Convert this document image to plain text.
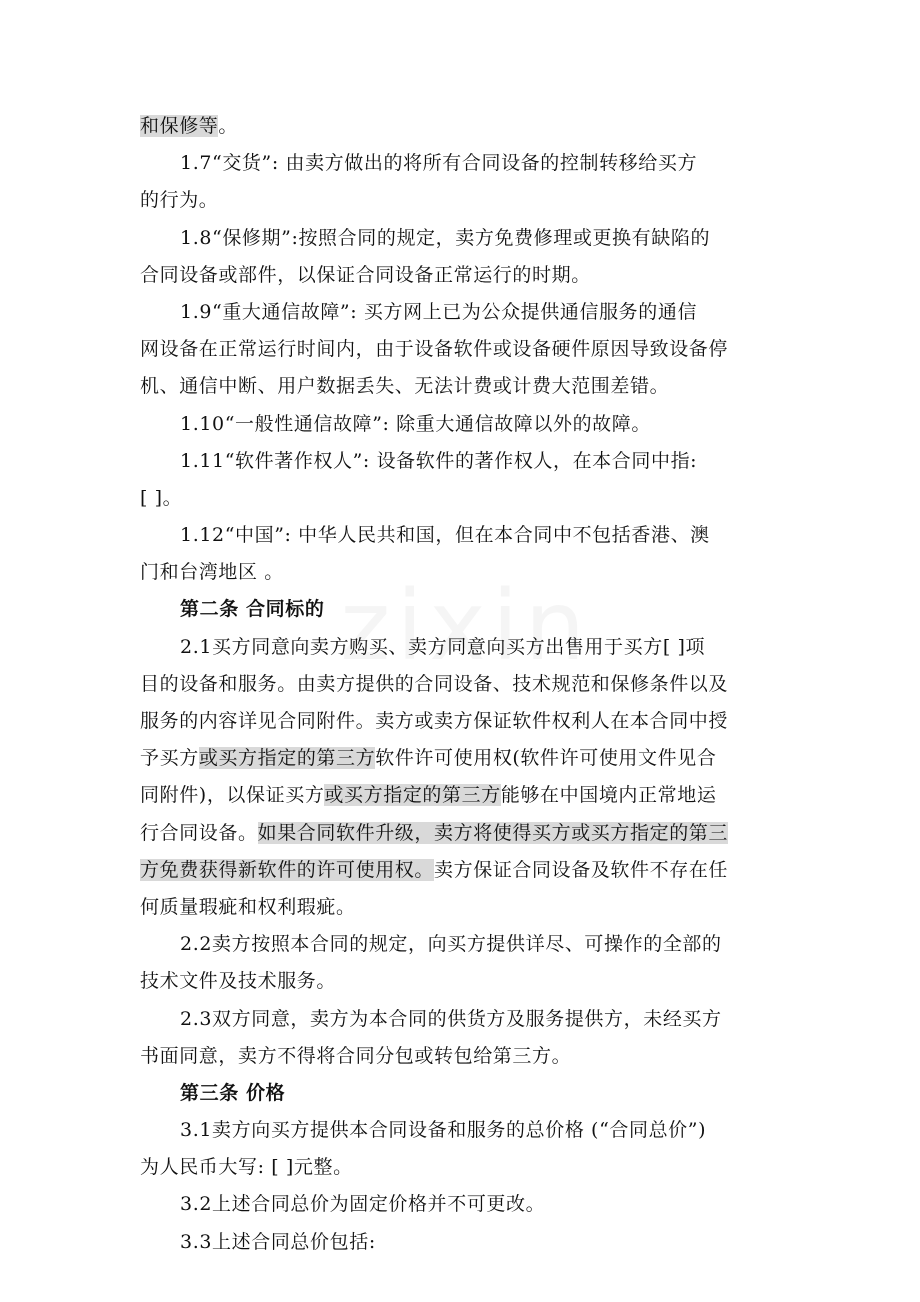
和保修等。
1.7“交货”: 由卖方做出的将所有合同设备的控制转移给买方
的行为。
1.8“保修期”:按照合同的规定，卖方免费修理或更换有缺陷的
合同设备或部件，以保证合同设备正常运行的时期。
1.9“重大通信故障”: 买方网上已为公众提供通信服务的通信
网设备在正常运行时间内，由于设备软件或设备硬件原因导致设备停
机、通信中断、用户数据丢失、无法计费或计费大范围差错。
1.10“一般性通信故障”: 除重大通信故障以外的故障。
1.11“软件著作权人”: 设备软件的著作权人，在本合同中指:
[ ]。
1.12“中国”: 中华人民共和国，但在本合同中不包括香港、澳
门和台湾地区 。
第二条 合同标的
2.1买方同意向卖方购买、卖方同意向买方出售用于买方[ ]项
目的设备和服务。由卖方提供的合同设备、技术规范和保修条件以及
服务的内容详见合同附件。卖方或卖方保证软件权利人在本合同中授
予买方或买方指定的第三方软件许可使用权(软件许可使用文件见合
同附件)，以保证买方或买方指定的第三方能够在中国境内正常地运
行合同设备。如果合同软件升级，卖方将使得买方或买方指定的第三
方免费获得新软件的许可使用权。卖方保证合同设备及软件不存在任
何质量瑕疵和权利瑕疵。
2.2卖方按照本合同的规定，向买方提供详尽、可操作的全部的
技术文件及技术服务。
2.3双方同意，卖方为本合同的供货方及服务提供方，未经买方
书面同意，卖方不得将合同分包或转包给第三方。
第三条 价格
3.1卖方向买方提供本合同设备和服务的总价格 (“合同总价”)
为人民币大写: [ ]元整。
3.2上述合同总价为固定价格并不可更改。
3.3上述合同总价包括:
